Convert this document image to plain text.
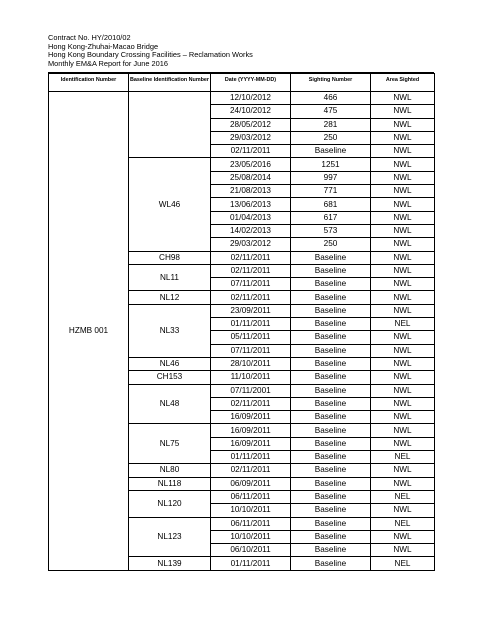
Contract No. HY/2010/02
Hong Kong-Zhuhai-Macao Bridge
Hong Kong Boundary Crossing Facilities – Reclamation Works
Monthly EM&A Report for June 2016
Identification Number	Baseline Identification Number	Date (YYYY-MM-DD)	Sighting Number	Area Sighted
HZMB 001		12/10/2012	466	NWL
		24/10/2012	475	NWL
		28/05/2012	281	NWL
		29/03/2012	250	NWL
		02/11/2011	Baseline	NWL
	WL46	23/05/2016	1251	NWL
		25/08/2014	997	NWL
		21/08/2013	771	NWL
		13/06/2013	681	NWL
		01/04/2013	617	NWL
		14/02/2013	573	NWL
		29/03/2012	250	NWL
	CH98	02/11/2011	Baseline	NWL
	NL11	02/11/2011	Baseline	NWL
		07/11/2011	Baseline	NWL
	NL12	02/11/2011	Baseline	NWL
	NL33	23/09/2011	Baseline	NWL
		01/11/2011	Baseline	NEL
		05/11/2011	Baseline	NWL
		07/11/2011	Baseline	NWL
	NL46	28/10/2011	Baseline	NWL
	CH153	11/10/2011	Baseline	NWL
	NL48	07/11/2001	Baseline	NWL
		02/11/2011	Baseline	NWL
		16/09/2011	Baseline	NWL
	NL75	16/09/2011	Baseline	NWL
		16/09/2011	Baseline	NWL
		01/11/2011	Baseline	NEL
	NL80	02/11/2011	Baseline	NWL
	NL118	06/09/2011	Baseline	NWL
	NL120	06/11/2011	Baseline	NEL
		10/10/2011	Baseline	NWL
	NL123	06/11/2011	Baseline	NEL
		10/10/2011	Baseline	NWL
		06/10/2011	Baseline	NWL
	NL139	01/11/2011	Baseline	NEL
